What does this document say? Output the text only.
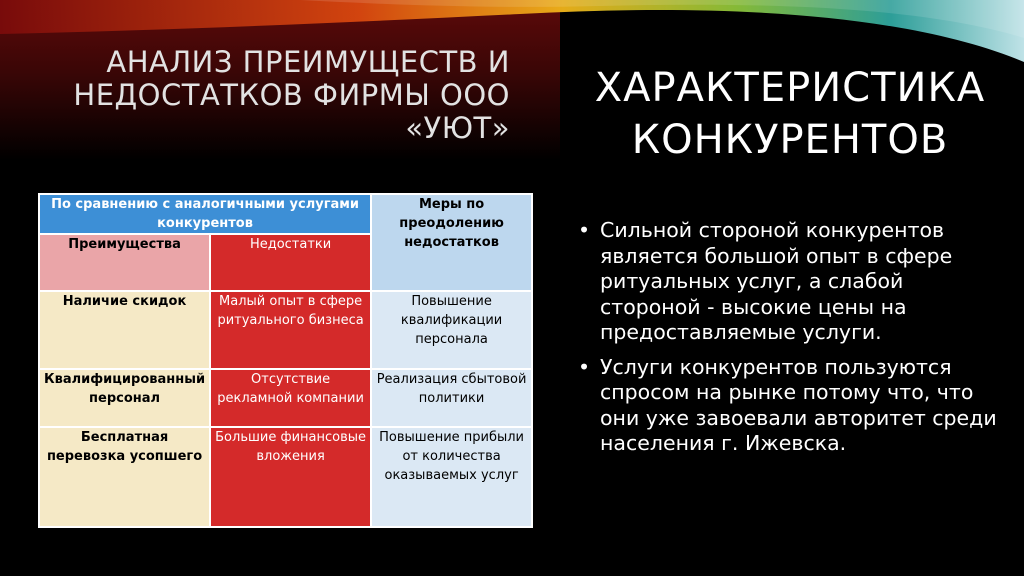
АНАЛИЗ ПРЕИМУЩЕСТВ И НЕДОСТАТКОВ ФИРМЫ ООО «УЮТ»
ХАРАКТЕРИСТИКА КОНКУРЕНТОВ
По сравнению с аналогичными услугами конкурентов		Меры по преодолению недостатков
Преимущества	Недостатки	
Наличие скидок	Малый опыт в сфере ритуального бизнеса	Повышение квалификации персонала
Квалифицированный персонал	Отсутствие рекламной компании	Реализация сбытовой политики
Бесплатная перевозка усопшего	Большие финансовые вложения	Повышение прибыли от количества оказываемых услуг
• Сильной стороной конкурентов является большой опыт в сфере ритуальных услуг, а слабой стороной - высокие цены на предоставляемые услуги.
• Услуги конкурентов пользуются спросом на рынке потому что, что они уже завоевали авторитет среди населения г. Ижевска.
